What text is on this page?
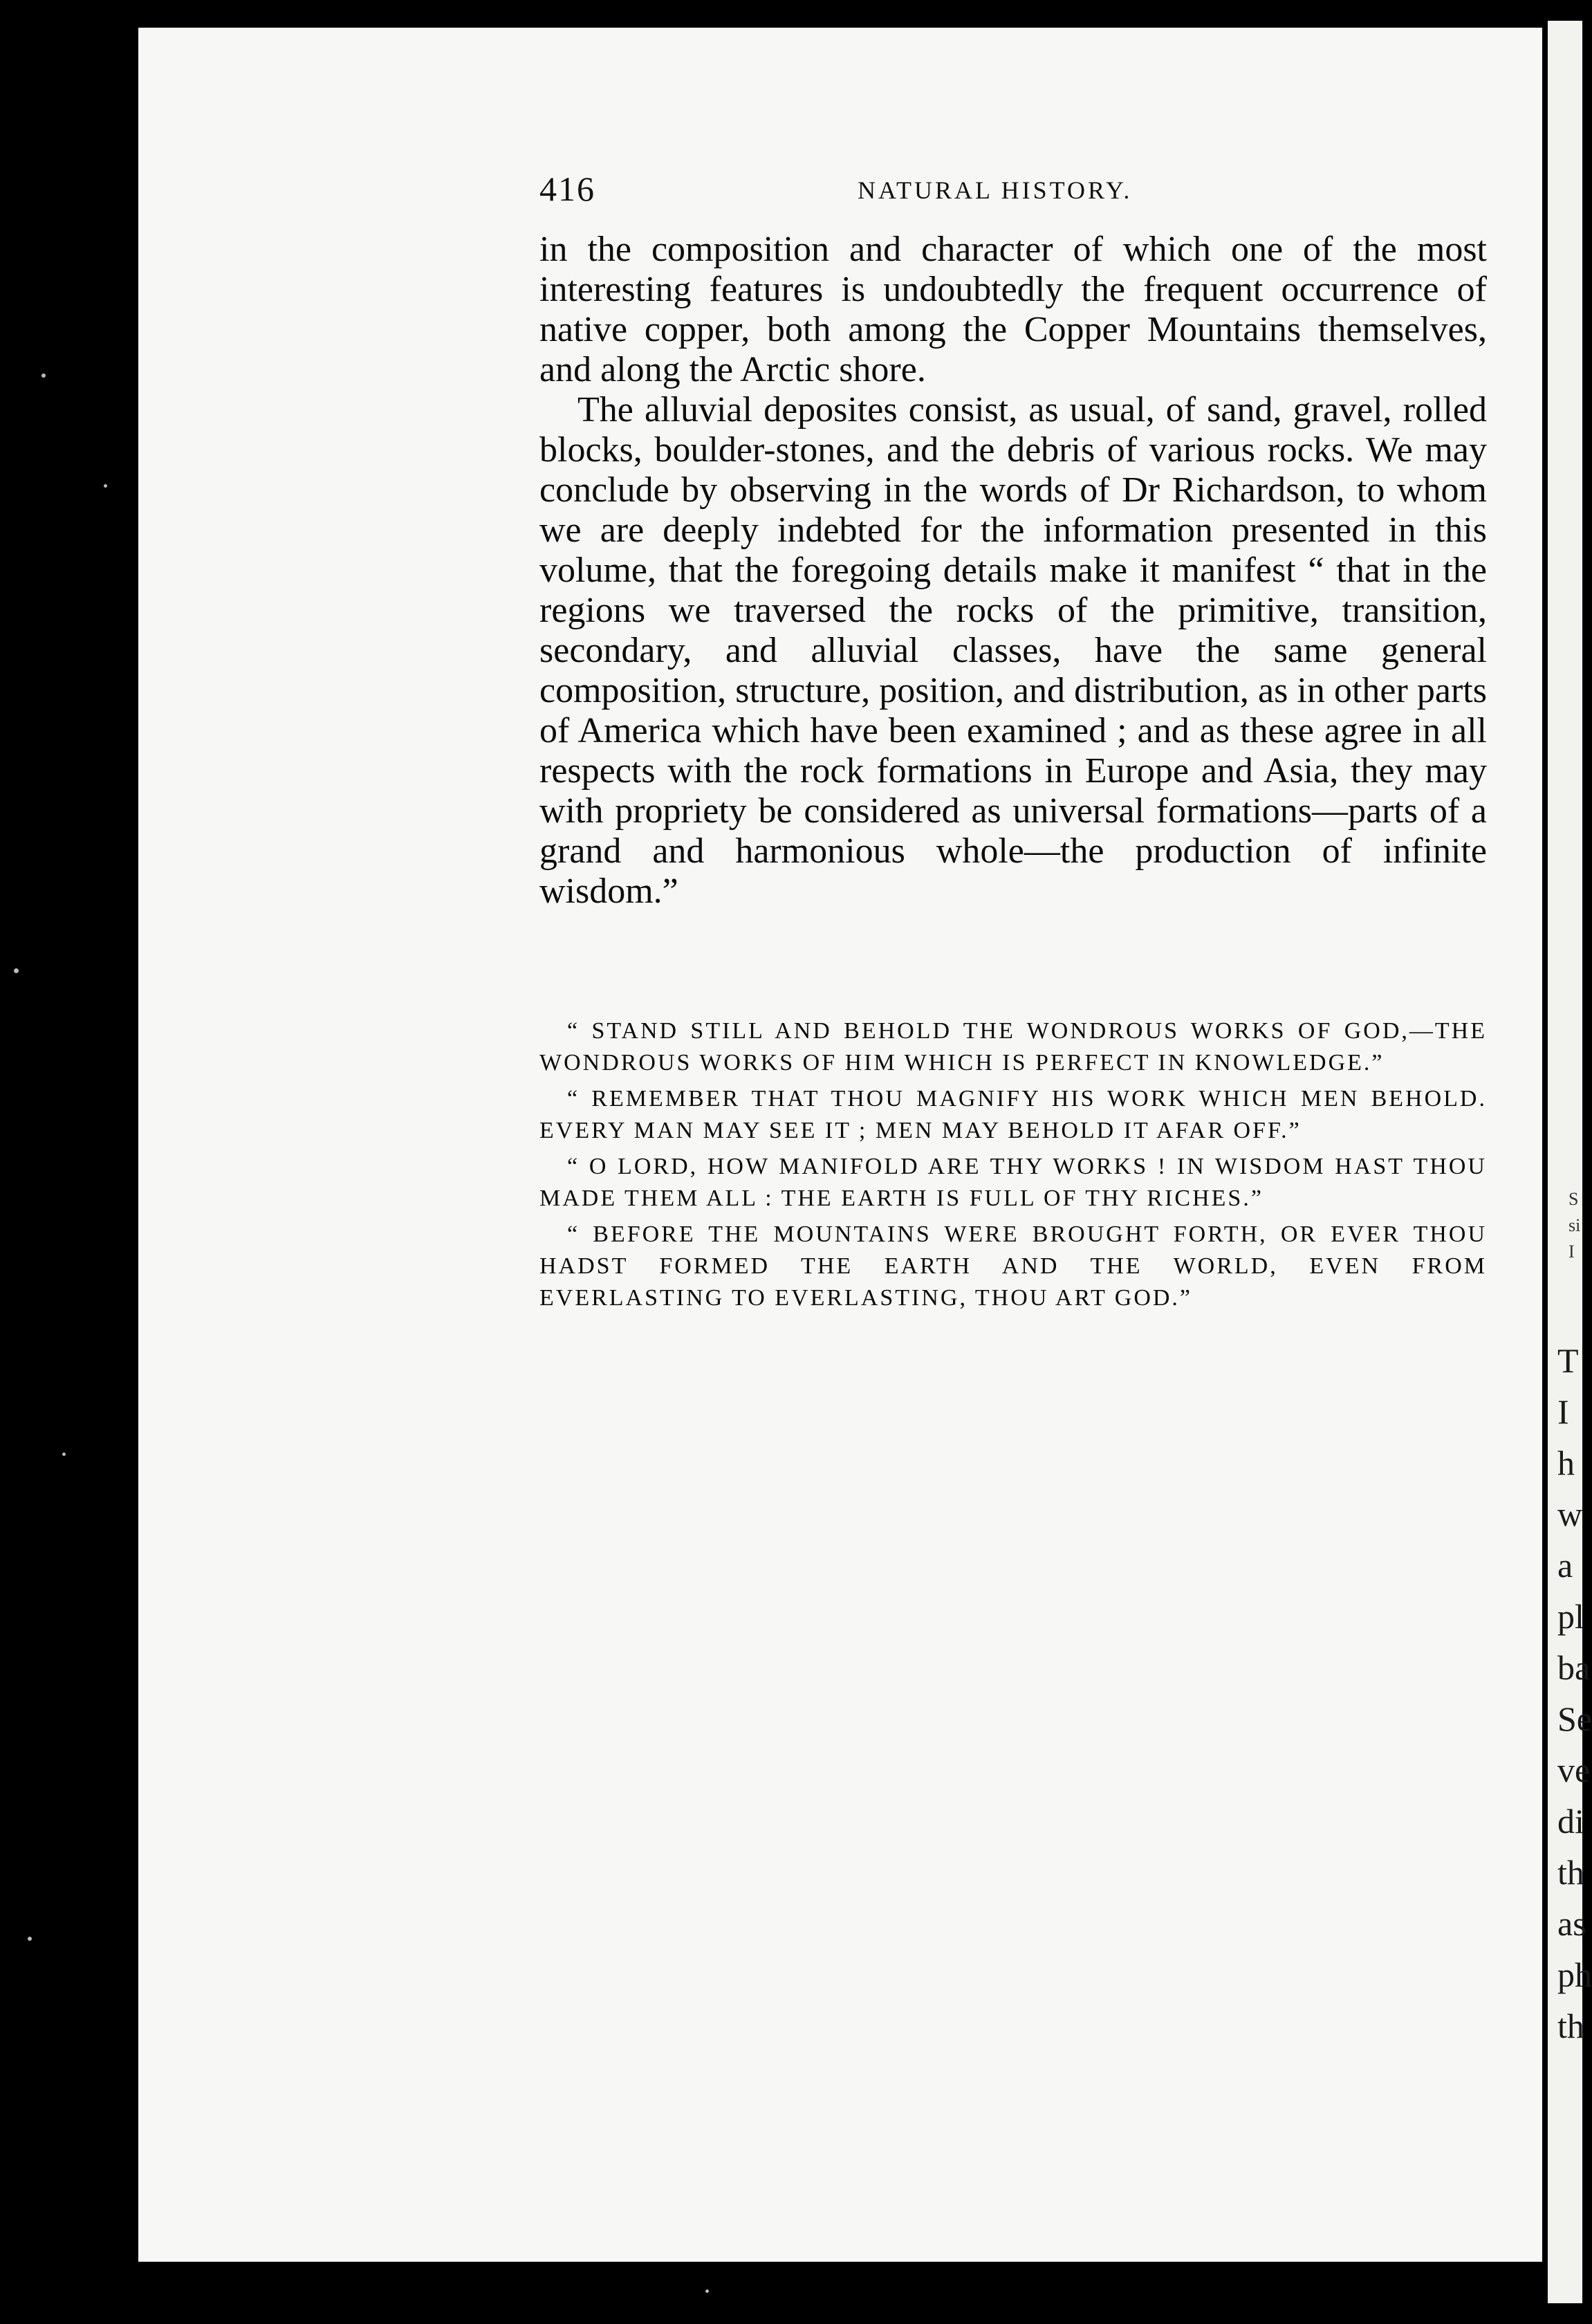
S
si
I
T
I
h
w
a
pl
ba
Se
ve
di
th
as
ph
th
416	NATURAL HISTORY.

in the composition and character of which one of the most interesting features is undoubtedly the frequent occurrence of native copper, both among the Copper Mountains themselves, and along the Arctic shore.

The alluvial deposites consist, as usual, of sand, gravel, rolled blocks, boulder-stones, and the debris of various rocks. We may conclude by observing in the words of Dr Richardson, to whom we are deeply indebted for the information presented in this volume, that the foregoing details make it manifest “ that in the regions we traversed the rocks of the primitive, transition, secondary, and alluvial classes, have the same general composition, structure, position, and distribution, as in other parts of America which have been examined ; and as these agree in all respects with the rock formations in Europe and Asia, they may with propriety be considered as universal formations—parts of a grand and harmonious whole—the production of infinite wisdom.”

“ STAND STILL AND BEHOLD THE WONDROUS WORKS OF GOD,—THE WONDROUS WORKS OF HIM WHICH IS PERFECT IN KNOWLEDGE.”

“ REMEMBER THAT THOU MAGNIFY HIS WORK WHICH MEN BEHOLD. EVERY MAN MAY SEE IT ; MEN MAY BEHOLD IT AFAR OFF.”

“ O LORD, HOW MANIFOLD ARE THY WORKS ! IN WISDOM HAST THOU MADE THEM ALL : THE EARTH IS FULL OF THY RICHES.”

“ BEFORE THE MOUNTAINS WERE BROUGHT FORTH, OR EVER THOU HADST FORMED THE EARTH AND THE WORLD, EVEN FROM EVERLASTING TO EVERLASTING, THOU ART GOD.”
